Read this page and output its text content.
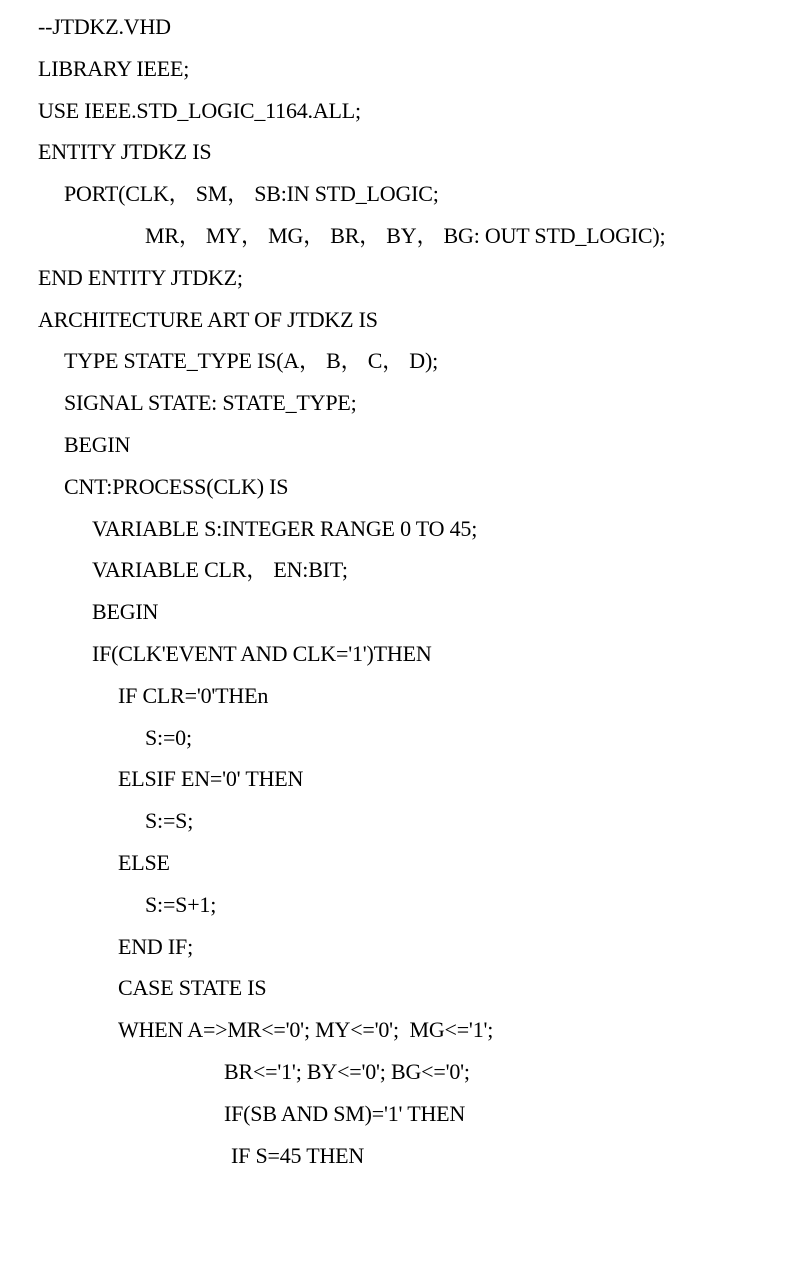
--JTDKZ.VHD
LIBRARY IEEE;
USE IEEE.STD_LOGIC_1164.ALL;
ENTITY JTDKZ IS
PORT(CLK， SM， SB:IN STD_LOGIC;
MR， MY， MG， BR， BY， BG: OUT STD_LOGIC);
END ENTITY JTDKZ;
ARCHITECTURE ART OF JTDKZ IS
TYPE STATE_TYPE IS(A， B， C， D);
SIGNAL STATE: STATE_TYPE;
BEGIN
CNT:PROCESS(CLK) IS
VARIABLE S:INTEGER RANGE 0 TO 45;
VARIABLE CLR， EN:BIT;
BEGIN
IF(CLK'EVENT AND CLK='1')THEN
IF CLR='0'THEn
S:=0;
ELSIF EN='0' THEN
S:=S;
ELSE
S:=S+1;
END IF;
CASE STATE IS
WHEN A=>MR<='0'; MY<='0';  MG<='1';
BR<='1'; BY<='0'; BG<='0';
IF(SB AND SM)='1' THEN
IF S=45 THEN
